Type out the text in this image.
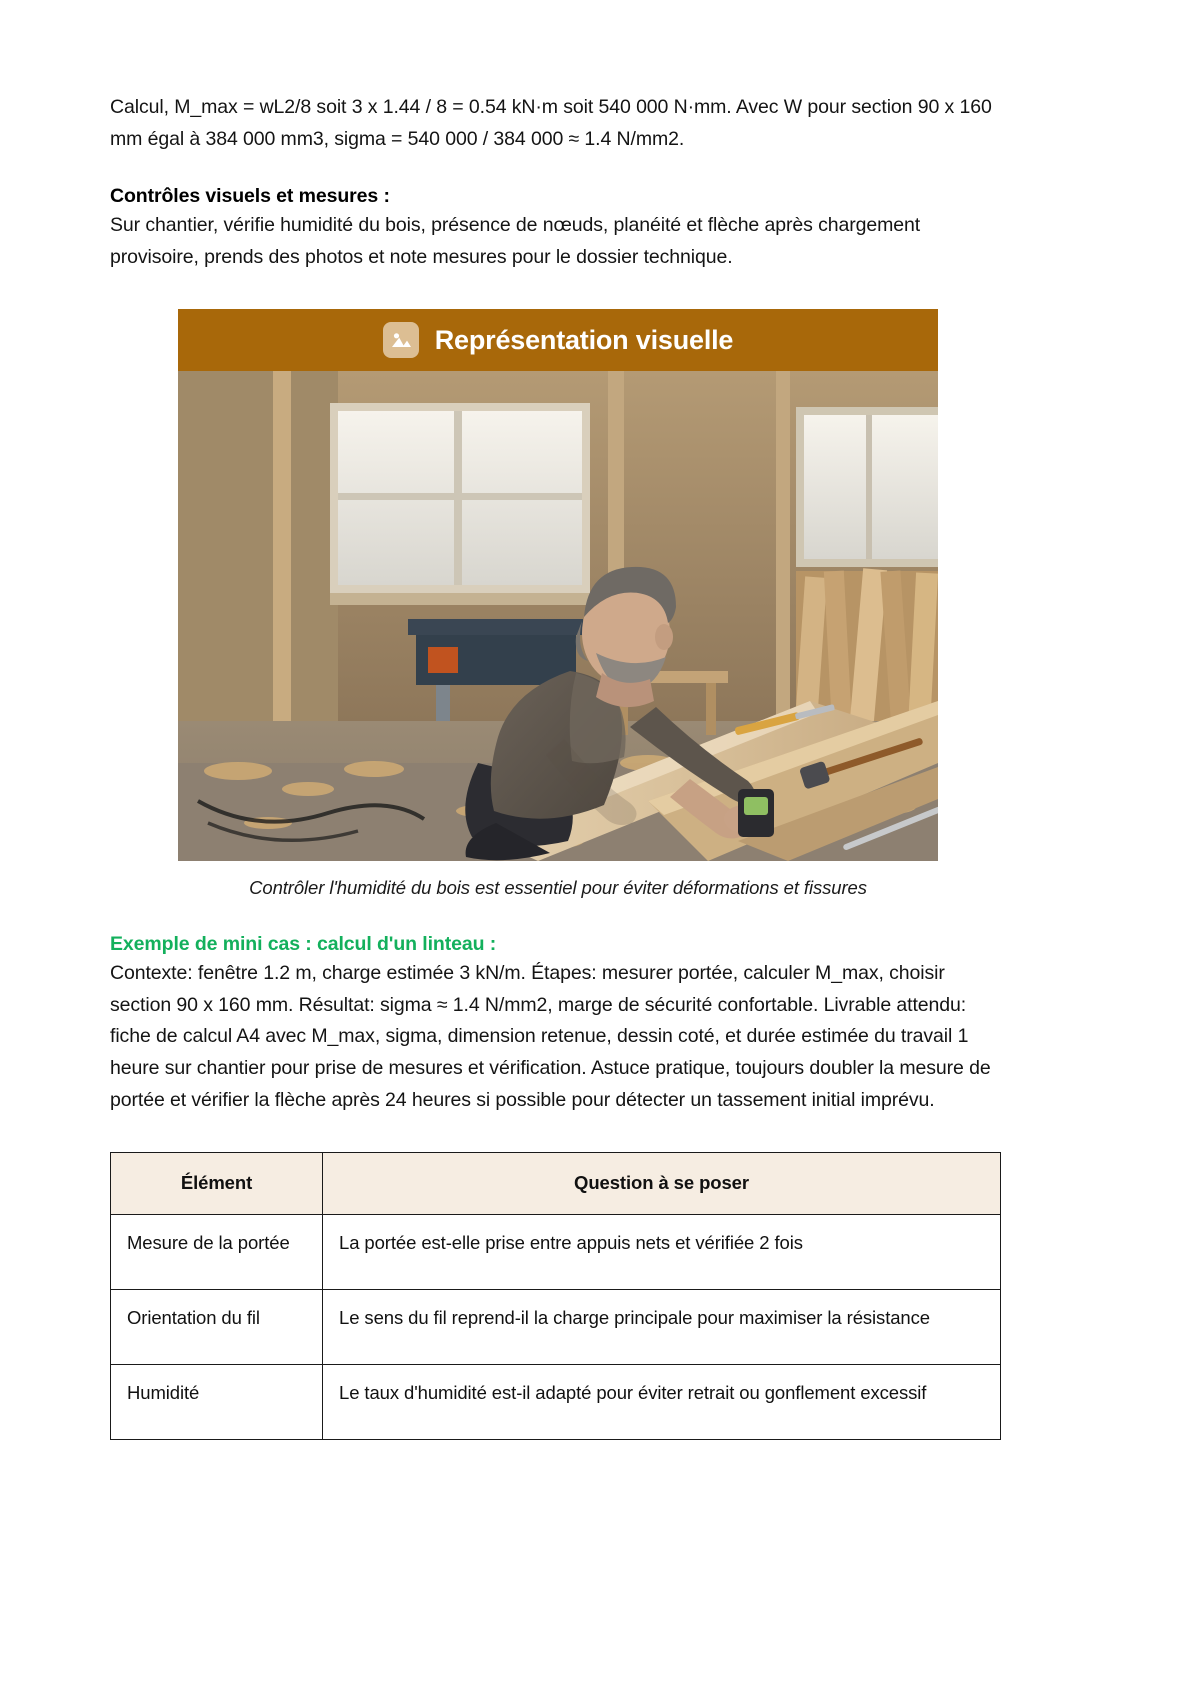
Calcul, M_max = wL2/8 soit 3 x 1.44 / 8 = 0.54 kN·m soit 540 000 N·mm. Avec W pour section 90 x 160 mm égal à 384 000 mm3, sigma = 540 000 / 384 000 ≈ 1.4 N/mm2.

Contrôles visuels et mesures :

Sur chantier, vérifie humidité du bois, présence de nœuds, planéité et flèche après chargement provisoire, prends des photos et note mesures pour le dossier technique.

Représentation visuelle
Contrôler l'humidité du bois est essentiel pour éviter déformations et fissures
Exemple de mini cas : calcul d'un linteau :

Contexte: fenêtre 1.2 m, charge estimée 3 kN/m. Étapes: mesurer portée, calculer M_max, choisir section 90 x 160 mm. Résultat: sigma ≈ 1.4 N/mm2, marge de sécurité confortable. Livrable attendu: fiche de calcul A4 avec M_max, sigma, dimension retenue, dessin coté, et durée estimée du travail 1 heure sur chantier pour prise de mesures et vérification. Astuce pratique, toujours doubler la mesure de portée et vérifier la flèche après 24 heures si possible pour détecter un tassement initial imprévu.

Élément	Question à se poser
Mesure de la portée	La portée est-elle prise entre appuis nets et vérifiée 2 fois
Orientation du fil	Le sens du fil reprend-il la charge principale pour maximiser la résistance
Humidité	Le taux d'humidité est-il adapté pour éviter retrait ou gonflement excessif
